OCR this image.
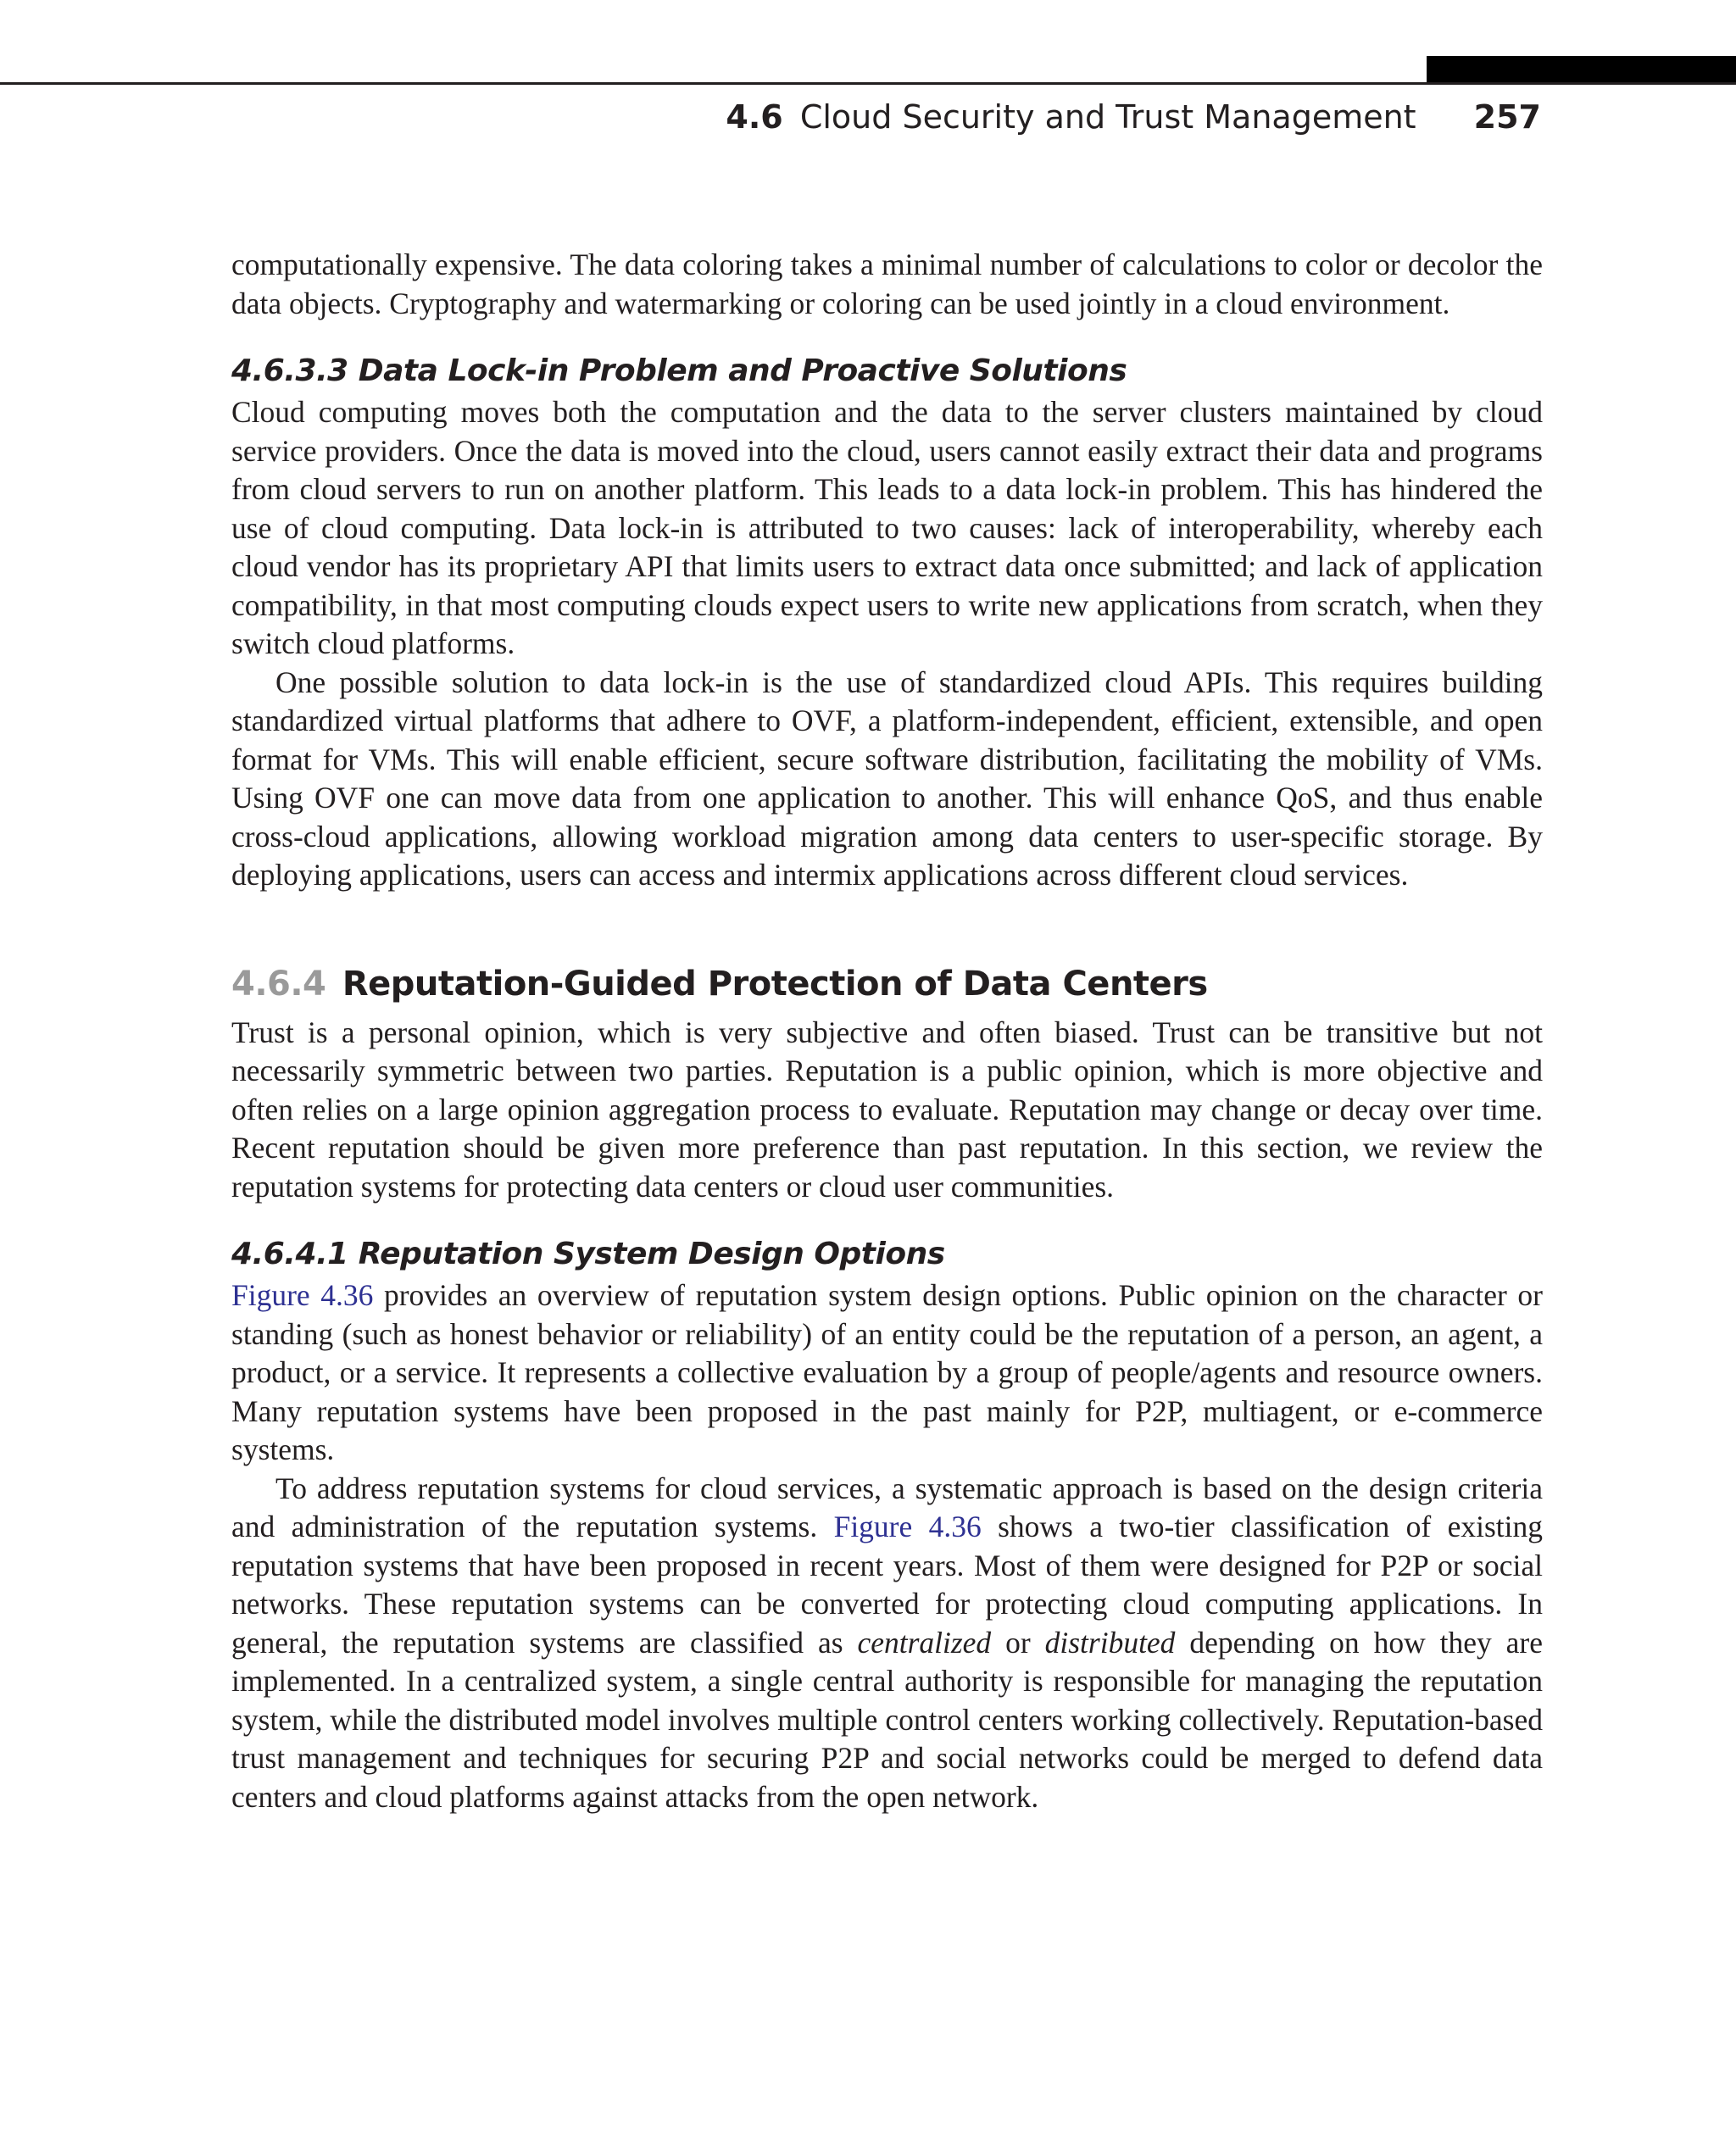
4.6 Cloud Security and Trust Management 257

computationally expensive. The data coloring takes a minimal number of calculations to color or decolor the data objects. Cryptography and watermarking or coloring can be used jointly in a cloud environment.

4.6.3.3 Data Lock-in Problem and Proactive Solutions

Cloud computing moves both the computation and the data to the server clusters maintained by cloud service providers. Once the data is moved into the cloud, users cannot easily extract their data and programs from cloud servers to run on another platform. This leads to a data lock-in problem. This has hindered the use of cloud computing. Data lock-in is attributed to two causes: lack of interoperability, whereby each cloud vendor has its proprietary API that limits users to extract data once submitted; and lack of application compatibility, in that most computing clouds expect users to write new applications from scratch, when they switch cloud platforms.

One possible solution to data lock-in is the use of standardized cloud APIs. This requires building standardized virtual platforms that adhere to OVF, a platform-independent, efficient, extensible, and open format for VMs. This will enable efficient, secure software distribution, facilitating the mobility of VMs. Using OVF one can move data from one application to another. This will enhance QoS, and thus enable cross-cloud applications, allowing workload migration among data centers to user-specific storage. By deploying applications, users can access and intermix applications across different cloud services.

4.6.4 Reputation-Guided Protection of Data Centers

Trust is a personal opinion, which is very subjective and often biased. Trust can be transitive but not necessarily symmetric between two parties. Reputation is a public opinion, which is more objective and often relies on a large opinion aggregation process to evaluate. Reputation may change or decay over time. Recent reputation should be given more preference than past reputation. In this section, we review the reputation systems for protecting data centers or cloud user communities.

4.6.4.1 Reputation System Design Options

Figure 4.36 provides an overview of reputation system design options. Public opinion on the character or standing (such as honest behavior or reliability) of an entity could be the reputation of a person, an agent, a product, or a service. It represents a collective evaluation by a group of people/​agents and resource owners. Many reputation systems have been proposed in the past mainly for P2P, multiagent, or e-commerce systems.

To address reputation systems for cloud services, a systematic approach is based on the design criteria and administration of the reputation systems. Figure 4.36 shows a two-tier classification of existing reputation systems that have been proposed in recent years. Most of them were designed for P2P or social networks. These reputation systems can be converted for protecting cloud computing applications. In general, the reputation systems are classified as centralized or distributed depending on how they are implemented. In a centralized system, a single central authority is responsible for managing the reputation system, while the distributed model involves multiple control centers working collectively. Reputation-based trust management and techniques for securing P2P and social networks could be merged to defend data centers and cloud platforms against attacks from the open network.
